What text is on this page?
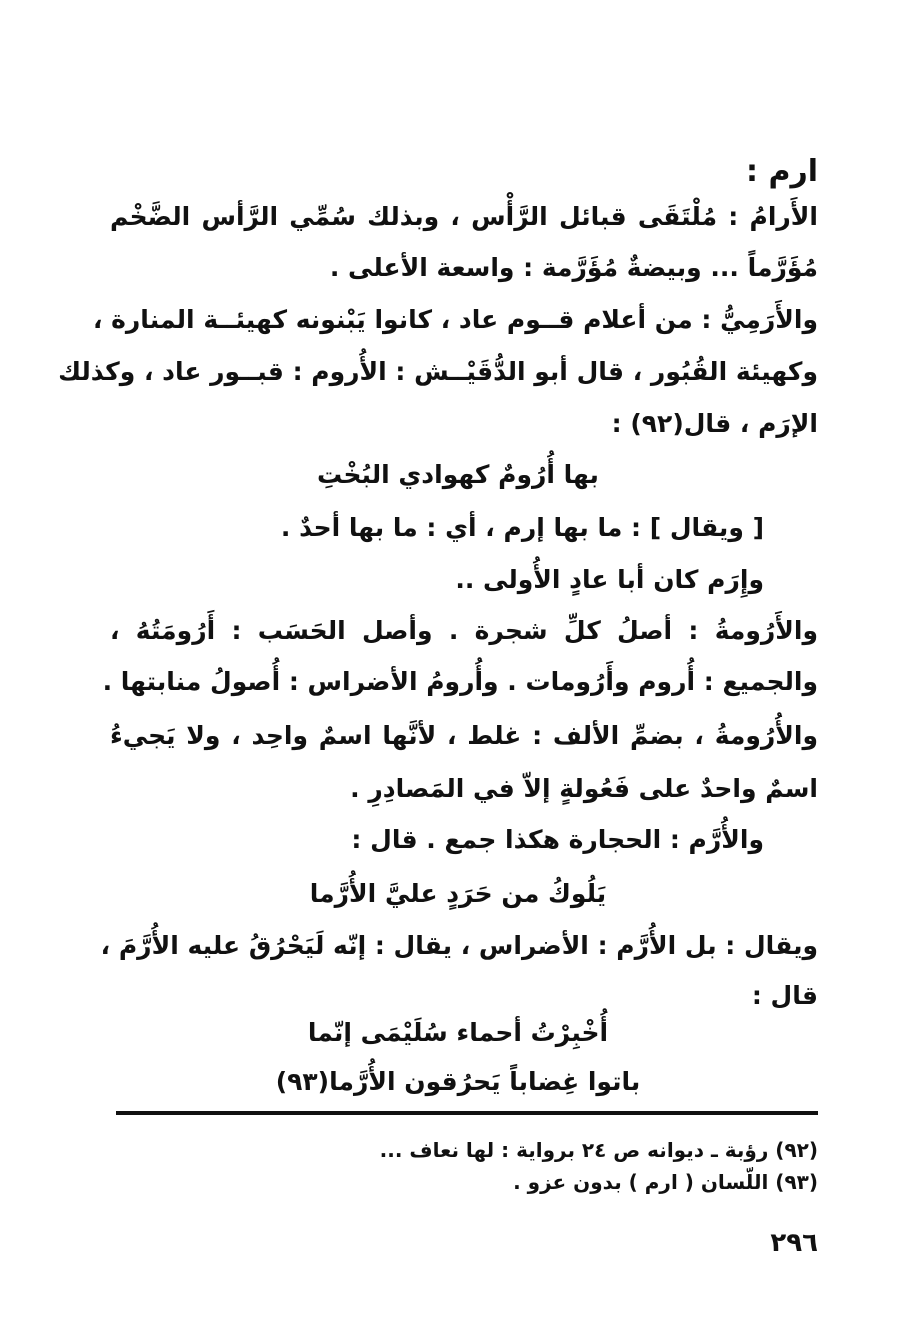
ارم :
الأَرامُ : مُلْتَقَى قبائل الرَّأْس ، وبذلك سُمِّي الرَّأس الضَّخْم
مُؤَرَّماً ... وبيضةٌ مُؤَرَّمة : واسعة الأعلى .
والأَرَمِيُّ : من أعلام قــوم عاد ، كانوا يَبْنونه كهيئــة المنارة ،
وكهيئة القُبُور ، قال أبو الدُّقَيْــش : الأُروم : قبــور عاد ، وكذلك
الإرَم ، قال(٩٢) :
بها أُرُومٌ كهوادي البُخْتِ
[ ويقال ] : ما بها إرم ، أي : ما بها أحدٌ .
وإِرَم كان أبا عادٍ الأُولى ..
والأَرُومةُ : أصلُ كلِّ شجرة . وأصل الحَسَب : أَرُومَتُهُ ،
والجميع : أُروم وأَرُومات . وأُرومُ الأضراس : أُصولُ منابتها .
والأُرُومةُ ، بضمِّ الألف : غلط ، لأنَّها اسمٌ واحِد ، ولا يَجيءُ
اسمٌ واحدٌ على فَعُولةٍ إلاّ في المَصادِرِ .
والأُرَّم : الحجارة هكذا جمع . قال :
يَلُوكُ من حَرَدٍ عليَّ الأُرَّما
ويقال : بل الأُرَّم : الأضراس ، يقال : إنّه لَيَحْرُقُ عليه الأُرَّمَ ،
قال :
أُخْبِرْتُ أحماء سُلَيْمَى إنّما
باتوا غِضاباً يَحرُقون الأُرَّما(٩٣)
(٩٢) رؤبة ـ ديوانه ص ٢٤ برواية : لها نعاف ...
(٩٣) اللّسان ( ارم ) بدون عزو .
٢٩٦
